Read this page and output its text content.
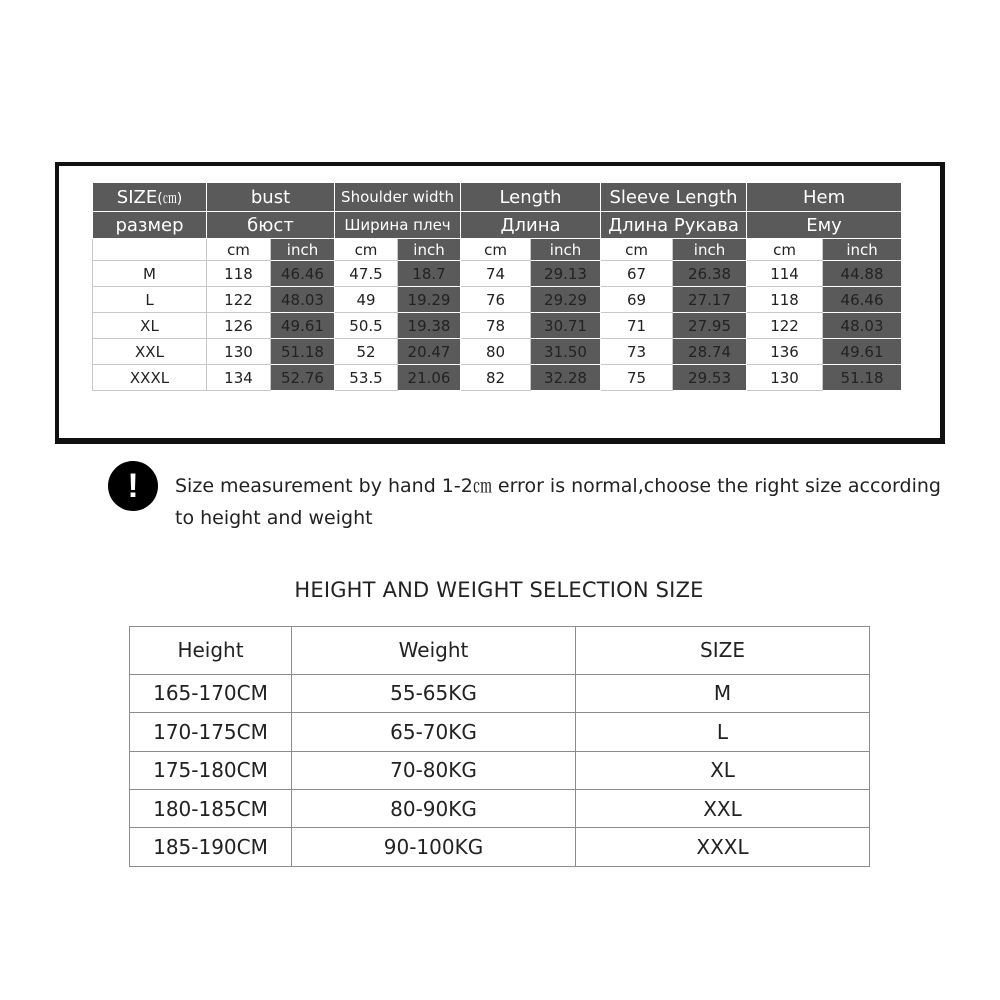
SIZE(㎝)	bust		Shoulder width		Length		Sleeve Length		Hem	
размер	бюст		Ширина плеч		Длина		Длина Рукава		Ему	
	cm	inch	cm	inch	cm	inch	cm	inch	cm	inch
M	118	46.46	47.5	18.7	74	29.13	67	26.38	114	44.88
L	122	48.03	49	19.29	76	29.29	69	27.17	118	46.46
XL	126	49.61	50.5	19.38	78	30.71	71	27.95	122	48.03
XXL	130	51.18	52	20.47	80	31.50	73	28.74	136	49.61
XXXL	134	52.76	53.5	21.06	82	32.28	75	29.53	130	51.18
!	Size measurement by hand 1-2㎝ error is normal,choose the right size according to height and weight
HEIGHT AND WEIGHT SELECTION SIZE
Height	Weight	SIZE
165-170CM	55-65KG	M
170-175CM	65-70KG	L
175-180CM	70-80KG	XL
180-185CM	80-90KG	XXL
185-190CM	90-100KG	XXXL
